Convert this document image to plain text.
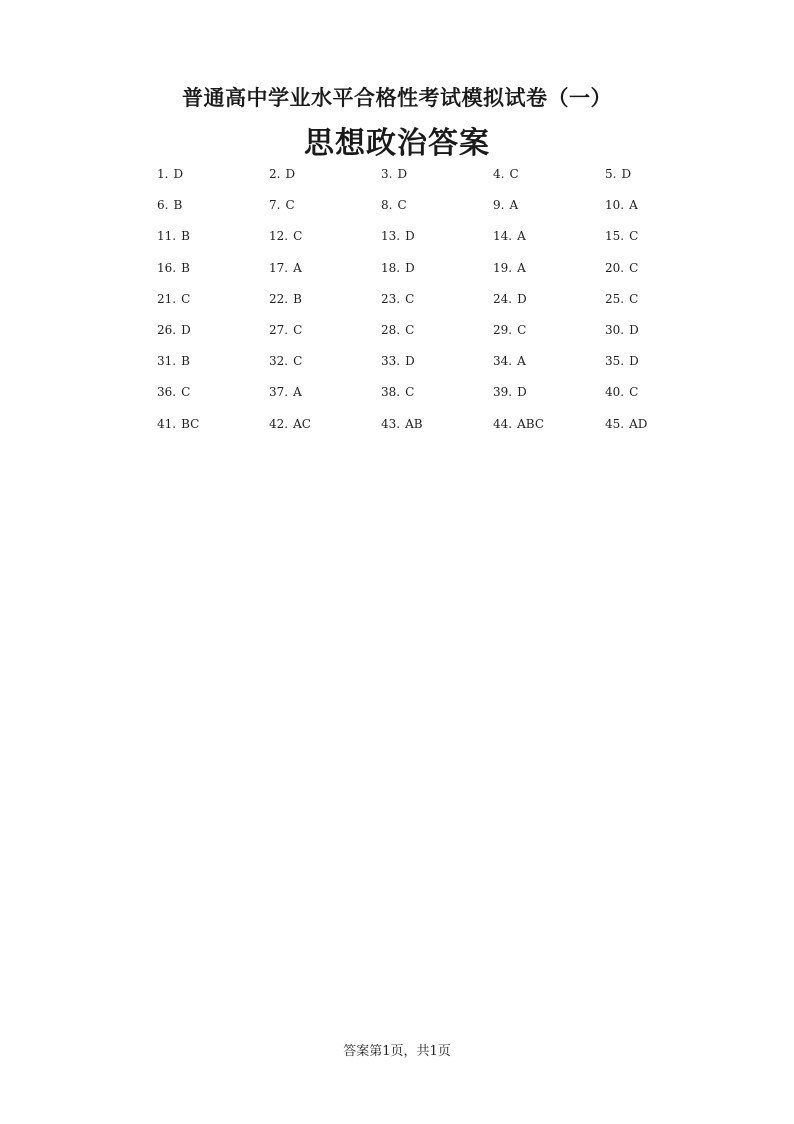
普通高中学业水平合格性考试模拟试卷（一）
思想政治答案
1. D	2. D	3. D	4. C	5. D
6. B	7. C	8. C	9. A	10. A
11. B	12. C	13. D	14. A	15. C
16. B	17. A	18. D	19. A	20. C
21. C	22. B	23. C	24. D	25. C
26. D	27. C	28. C	29. C	30. D
31. B	32. C	33. D	34. A	35. D
36. C	37. A	38. C	39. D	40. C
41. BC	42. AC	43. AB	44. ABC	45. AD
答案第1页，共1页
